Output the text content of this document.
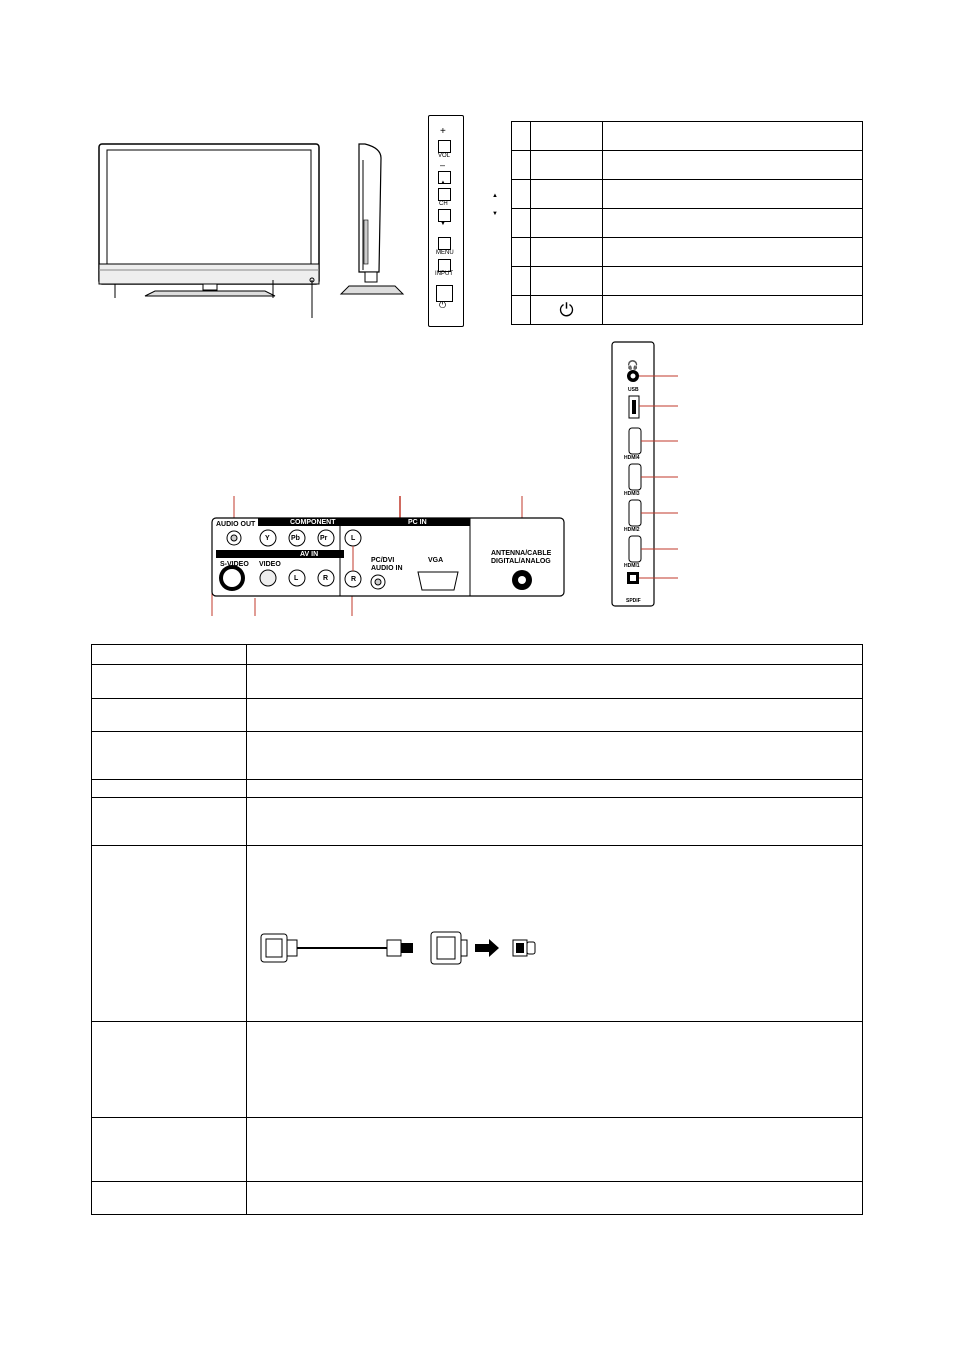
+
VOL
–
▲
CH
▼
MENU
INPUT
⏻
▲
▼

	⏻	
AUDIO OUT	COMPONENT	PC IN
Y	Pb	Pr	L
R
AV IN
S-VIDEO VIDEO
L	R
PC/DVI
AUDIO IN
VGA
ANTENNA/CABLE
DIGITAL/ANALOG
🎧
USB
HDMI4
HDMI3
HDMI2
HDMI1
SPDIF
